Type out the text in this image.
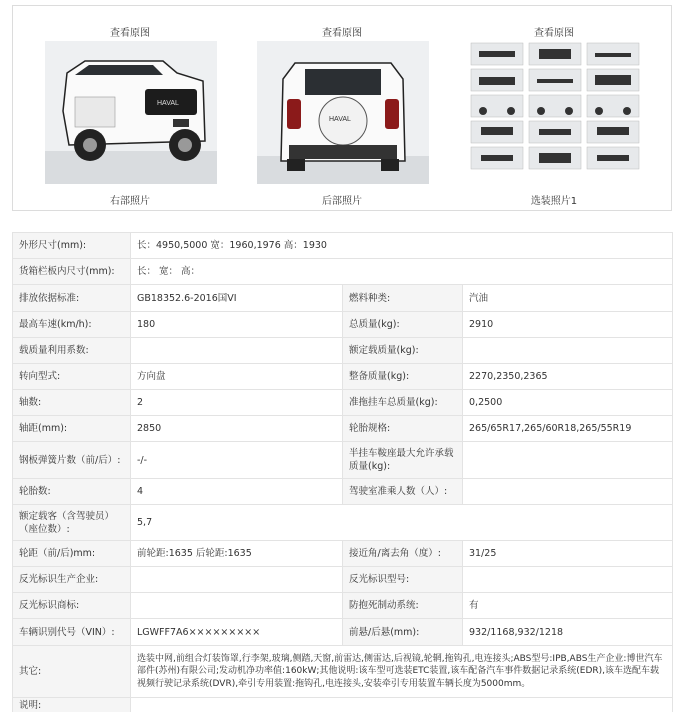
查看原图
HAVAL
右部照片
查看原图
HAVAL
后部照片
查看原图
选装照片1
外形尺寸(mm):	长：4950,5000 宽：1960,1976 高：1930		
货箱栏板内尺寸(mm):	长： 宽： 高：		
排放依据标准:	GB18352.6-2016国VI	燃料种类:	汽油
最高车速(km/h):	180	总质量(kg):	2910
载质量利用系数:		额定载质量(kg):	
转向型式:	方向盘	整备质量(kg):	2270,2350,2365
轴数:	2	准拖挂车总质量(kg):	0,2500
轴距(mm):	2850	轮胎规格:	265/65R17,265/60R18,265/55R19
钢板弹簧片数（前/后）:	-/-	半挂车鞍座最大允许承载质量(kg):	
轮胎数:	4	驾驶室准乘人数（人）:	
额定载客（含驾驶员）（座位数）:	5,7		
轮距（前/后)mm:	前轮距:1635 后轮距:1635	接近角/离去角（度）:	31/25
反光标识生产企业:		反光标识型号:	
反光标识商标:		防抱死制动系统:	有
车辆识别代号（VIN）:	LGWFF7A6×××××××××	前悬/后悬(mm):	932/1168,932/1218
其它:	选装中网,前组合灯装饰罩,行李架,玻璃,侧踏,天窗,前雷达,侧雷达,后视镜,轮辋,拖钩孔,电连接头;ABS型号:IPB,ABS生产企业:博世汽车部件(苏州)有限公司;发动机净功率值:160kW;其他说明:该车型可选装ETC装置,该车配备汽车事件数据记录系统(EDR),该车选配车载视频行驶记录系统(DVR),牵引专用装置:拖钩孔,电连接头,安装牵引专用装置车辆长度为5000mm。		
说明:			
